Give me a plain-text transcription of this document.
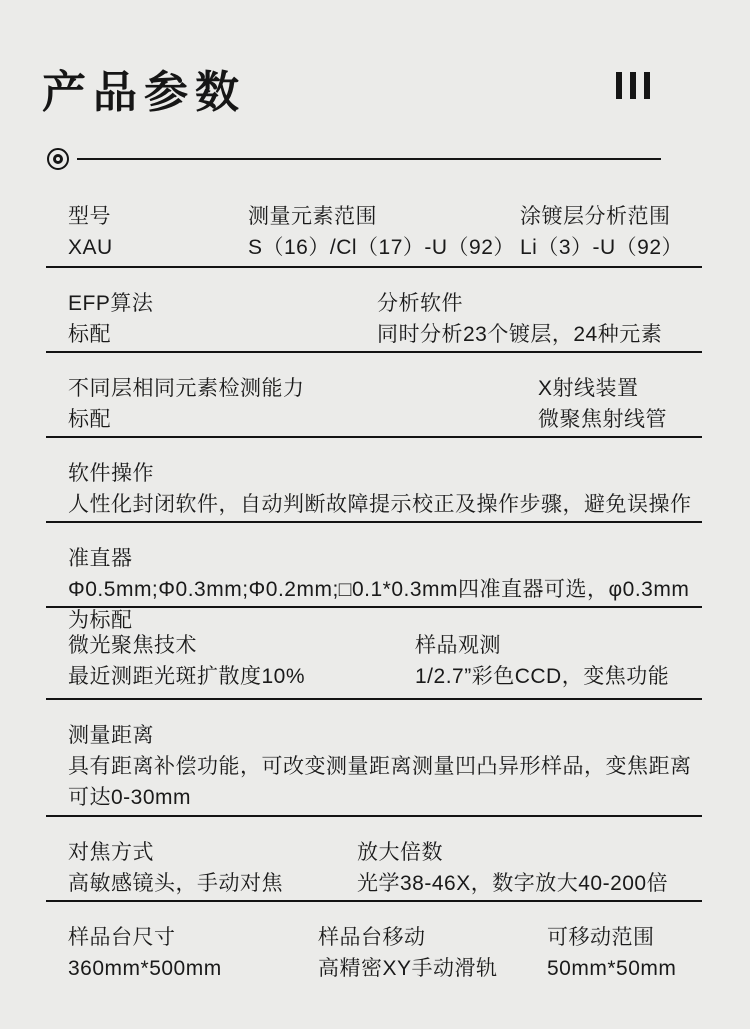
产品参数
型号
XAU
测量元素范围
S（16）/Cl（17）-U（92）
涂镀层分析范围
Li（3）-U（92）
EFP算法
标配
分析软件
同时分析23个镀层，24种元素
不同层相同元素检测能力
标配
X射线装置
微聚焦射线管
软件操作
人性化封闭软件，自动判断故障提示校正及操作步骤，避免误操作
准直器
Φ0.5mm;Φ0.3mm;Φ0.2mm;□0.1*0.3mm四准直器可选，φ0.3mm为标配
微光聚焦技术
最近测距光斑扩散度10%
样品观测
1/2.7”彩色CCD，变焦功能
测量距离
具有距离补偿功能，可改变测量距离测量凹凸异形样品，变焦距离可达0-30mm
对焦方式
高敏感镜头，手动对焦
放大倍数
光学38-46X，数字放大40-200倍
样品台尺寸
360mm*500mm
样品台移动
高精密XY手动滑轨
可移动范围
50mm*50mm
